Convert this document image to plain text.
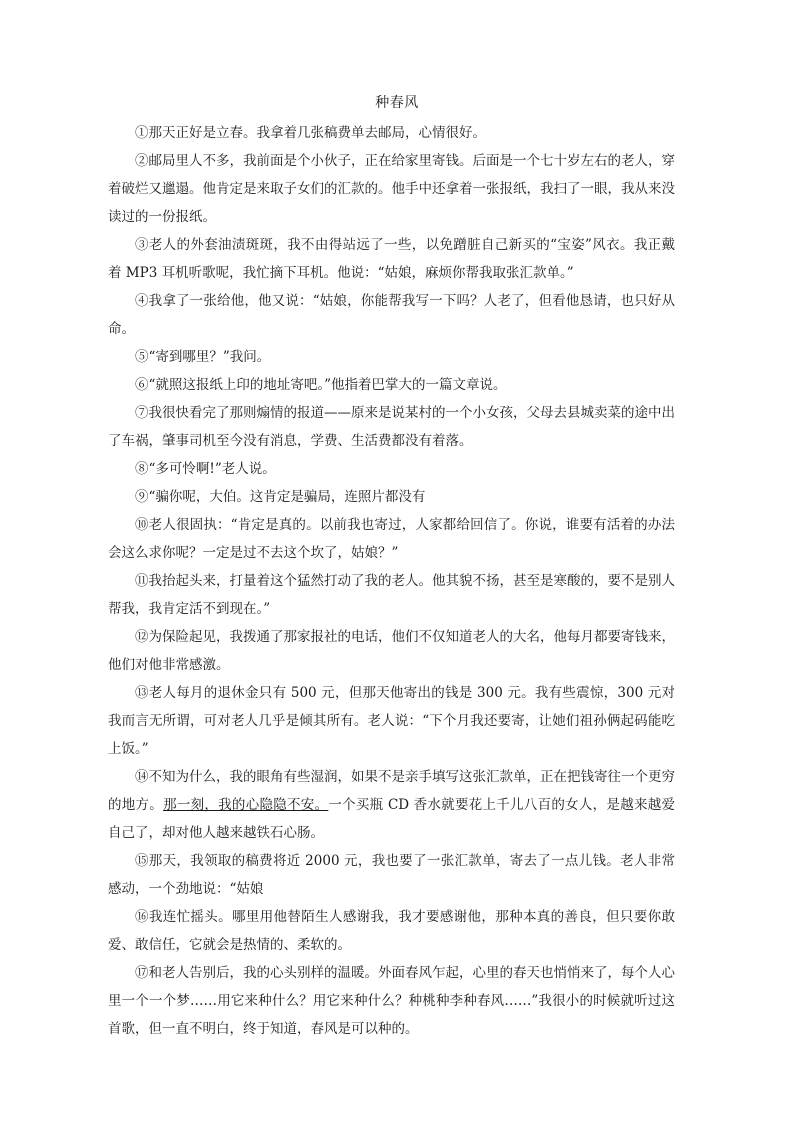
种春风

①那天正好是立春。我拿着几张稿费单去邮局，心情很好。

②邮局里人不多，我前面是个小伙子，正在给家里寄钱。后面是一个七十岁左右的老人，穿着破烂又邋遢。他肯定是来取子女们的汇款的。他手中还拿着一张报纸，我扫了一眼，我从来没读过的一份报纸。

③老人的外套油渍斑斑，我不由得站远了一些，以免蹭脏自己新买的“宝姿”风衣。我正戴着 MP3 耳机听歌呢，我忙摘下耳机。他说：“姑娘，麻烦你帮我取张汇款单。”

④我拿了一张给他，他又说：“姑娘，你能帮我写一下吗？人老了，但看他恳请，也只好从命。

⑤“寄到哪里？”我问。

⑥“就照这报纸上印的地址寄吧。”他指着巴掌大的一篇文章说。

⑦我很快看完了那则煽情的报道——原来是说某村的一个小女孩，父母去县城卖菜的途中出了车祸，肇事司机至今没有消息，学费、生活费都没有着落。

⑧“多可怜啊!”老人说。

⑨“骗你呢，大伯。这肯定是骗局，连照片都没有

⑩老人很固执：“肯定是真的。以前我也寄过，人家都给回信了。你说，谁要有活着的办法会这么求你呢？一定是过不去这个坎了，姑娘？”

⑪我抬起头来，打量着这个猛然打动了我的老人。他其貌不扬，甚至是寒酸的，要不是别人帮我，我肯定活不到现在。”

⑫为保险起见，我拨通了那家报社的电话，他们不仅知道老人的大名，他每月都要寄钱来，他们对他非常感激。

⑬老人每月的退休金只有 500 元，但那天他寄出的钱是 300 元。我有些震惊，300 元对我而言无所谓，可对老人几乎是倾其所有。老人说：“下个月我还要寄，让她们祖孙俩起码能吃上饭。”

⑭不知为什么，我的眼角有些湿润，如果不是亲手填写这张汇款单，正在把钱寄往一个更穷的地方。那一刻，我的心隐隐不安。一个买瓶 CD 香水就要花上千儿八百的女人，是越来越爱自己了，却对他人越来越铁石心肠。

⑮那天，我领取的稿费将近 2000 元，我也要了一张汇款单，寄去了一点儿钱。老人非常感动，一个劲地说：“姑娘

⑯我连忙摇头。哪里用他替陌生人感谢我，我才要感谢他，那种本真的善良，但只要你敢爱、敢信任，它就会是热情的、柔软的。

⑰和老人告别后，我的心头别样的温暖。外面春风乍起，心里的春天也悄悄来了，每个人心里一个一个梦……用它来种什么？用它来种什么？种桃种李种春风……”我很小的时候就听过这首歌，但一直不明白，终于知道，春风是可以种的。
